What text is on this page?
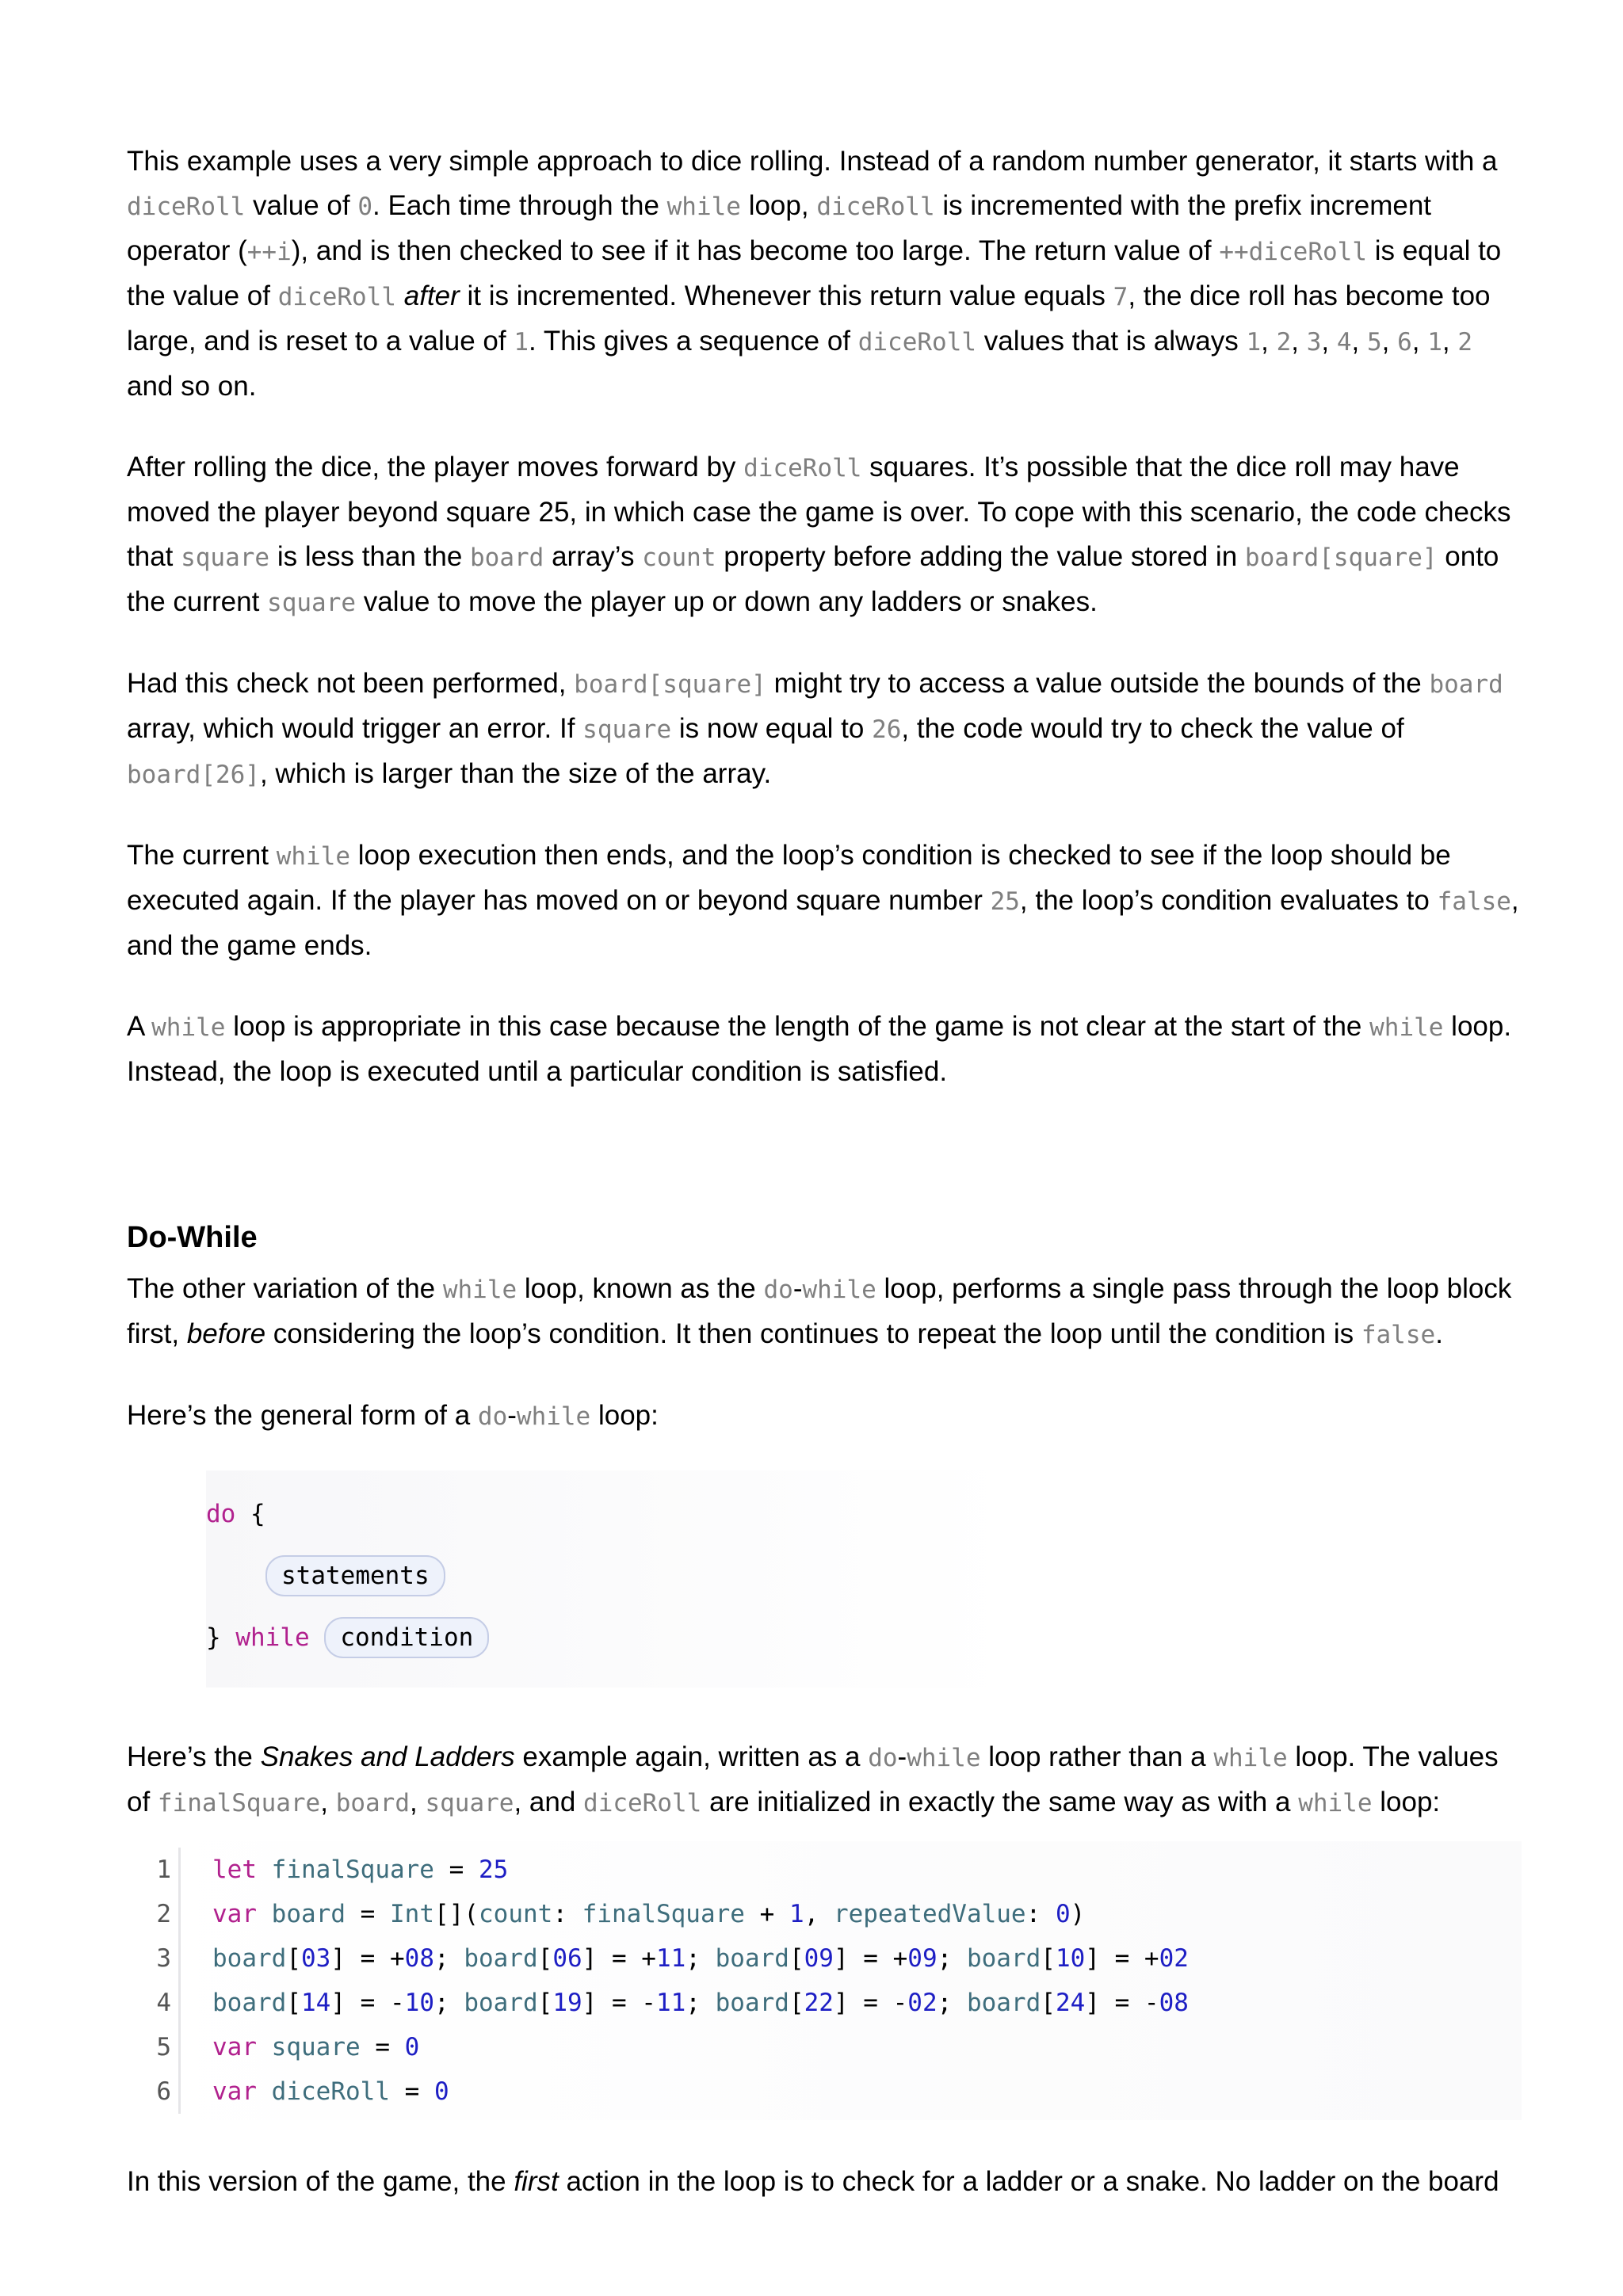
This example uses a very simple approach to dice rolling. Instead of a random number generator, it starts with a diceRoll value of 0. Each time through the while loop, diceRoll is incremented with the prefix increment operator (++i), and is then checked to see if it has become too large. The return value of ++diceRoll is equal to the value of diceRoll after it is incremented. Whenever this return value equals 7, the dice roll has become too large, and is reset to a value of 1. This gives a sequence of diceRoll values that is always 1, 2, 3, 4, 5, 6, 1, 2 and so on.

After rolling the dice, the player moves forward by diceRoll squares. It’s possible that the dice roll may have moved the player beyond square 25, in which case the game is over. To cope with this scenario, the code checks that square is less than the board array’s count property before adding the value stored in board[square] onto the current square value to move the player up or down any ladders or snakes.

Had this check not been performed, board[square] might try to access a value outside the bounds of the board array, which would trigger an error. If square is now equal to 26, the code would try to check the value of board[26], which is larger than the size of the array.

The current while loop execution then ends, and the loop’s condition is checked to see if the loop should be executed again. If the player has moved on or beyond square number 25, the loop’s condition evaluates to false, and the game ends.

A while loop is appropriate in this case because the length of the game is not clear at the start of the while loop. Instead, the loop is executed until a particular condition is satisfied.

Do-While

The other variation of the while loop, known as the do-while loop, performs a single pass through the loop block first, before considering the loop’s condition. It then continues to repeat the loop until the condition is false.

Here’s the general form of a do-while loop:

do {
statements
} while condition

Here’s the Snakes and Ladders example again, written as a do-while loop rather than a while loop. The values of finalSquare, board, square, and diceRoll are initialized in exactly the same way as with a while loop:

1	let finalSquare = 25
2	var board = Int[](count: finalSquare + 1, repeatedValue: 0)
3	board[03] = +08; board[06] = +11; board[09] = +09; board[10] = +02
4	board[14] = -10; board[19] = -11; board[22] = -02; board[24] = -08
5	var square = 0
6	var diceRoll = 0

In this version of the game, the first action in the loop is to check for a ladder or a snake. No ladder on the board
